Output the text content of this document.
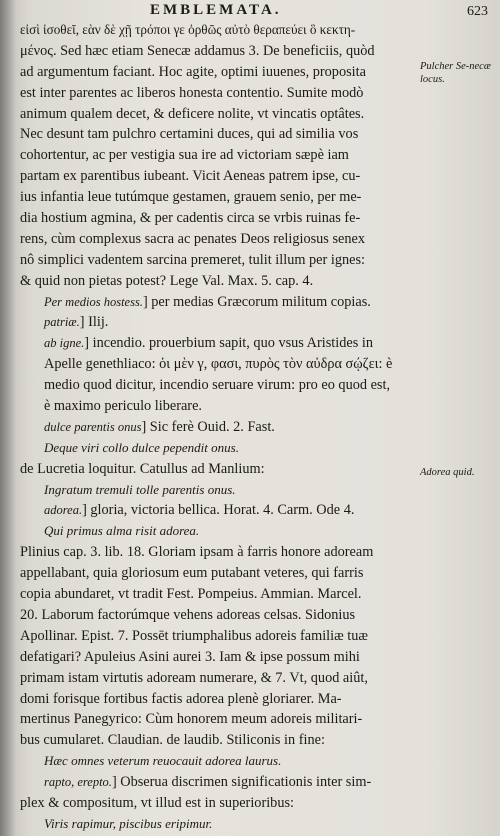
EMBLEMATA.	623
εἰσὶ ἰσοθεῖ, εὰν δὲ χῇ τρόποι γε ὀρθῶς αὐτὸ θεραπεύει ὃ κεκτη-
μένος. Sed hæc etiam Senecæ addamus 3. De beneficiis, quòd
ad argumentum faciant. Hoc agite, optimi iuuenes, proposita
est inter parentes ac liberos honesta contentio. Sumite modò
animum qualem decet, & deficere nolite, vt vincatis optâtes.
Nec desunt tam pulchro certamini duces, qui ad similia vos
cohortentur, ac per vestigia sua ire ad victoriam sæpè iam
partam ex parentibus iubeant. Vicit Aeneas patrem ipse, cu-
ius infantia leue tutúmque gestamen, grauem senio, per me-
dia hostium agmina, & per cadentis circa se vrbis ruinas fe-
rens, cùm complexus sacra ac penates Deos religiosus senex
nô simplici vadentem sarcina premeret, tulit illum per ignes:
& quid non pietas potest? Lege Val. Max. 5. cap. 4.
Per medios hostess.] per medias Græcorum militum copias.
patriæ.] Ilij.
ab igne.] incendio. prouerbium sapit, quo vsus Aristides in
Apelle genethliaco: ὁι μὲν γ, φασι, πυρὸς τὸν αὐδρα σῴζει: è
medio quod dicitur, incendio seruare virum: pro eo quod est,
è maximo periculo liberare.
dulce parentis onus] Sic ferè Ouid. 2. Fast.
Deque viri collo dulce pependit onus.
de Lucretia loquitur. Catullus ad Manlium:
Ingratum tremuli tolle parentis onus.
adorea.] gloria, victoria bellica. Horat. 4. Carm. Ode 4.
Qui primus alma risit adorea.
Plinius cap. 3. lib. 18. Gloriam ipsam à farris honore adoream
appellabant, quia gloriosum eum putabant veteres, qui farris
copia abundaret, vt tradit Fest. Pompeius. Ammian. Marcel.
20. Laborum factorúmque vehens adoreas celsas. Sidonius
Apollinar. Epist. 7. Possēt triumphalibus adoreis familiæ tuæ
defatigari? Apuleius Asini aurei 3. Iam & ipse possum mihi
primam istam virtutis adoream numerare, & 7. Vt, quod aiût,
domi forisque fortibus factis adorea plenè gloriarer. Ma-
mertinus Panegyrico: Cùm honorem meum adoreis militari-
bus cumularet. Claudian. de laudib. Stiliconis in fine:
Hæc omnes veterum reuocauit adorea laurus.
rapto, erepto.] Obserua discrimen significationis inter sim-
plex & compositum, vt illud est in superioribus:
Viris rapimur, piscibus eripimur.
Pulcher Se-necæ locus.
Adorea quid.
